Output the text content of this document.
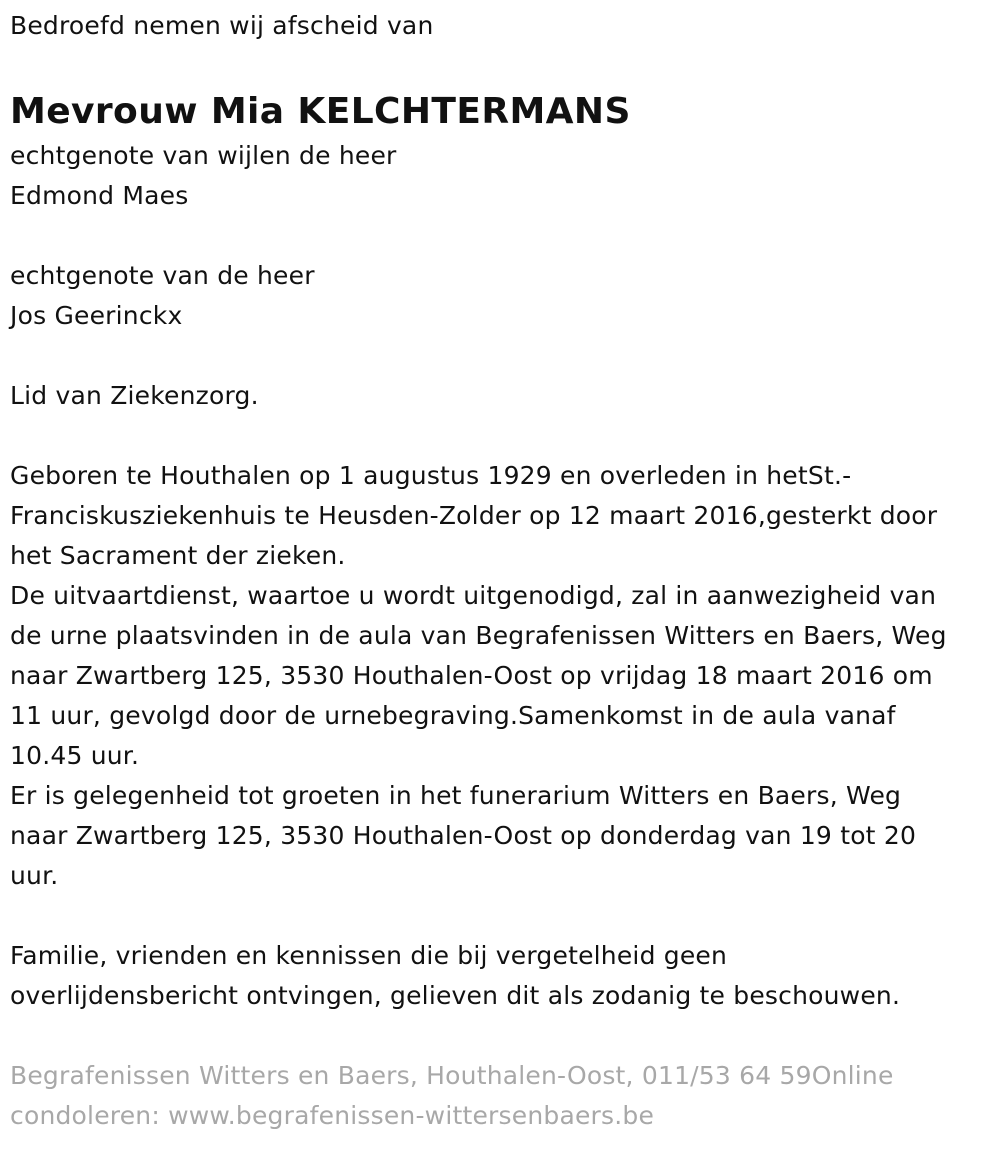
Bedroefd nemen wij afscheid van
Mevrouw Mia KELCHTERMANS
echtgenote van wijlen de heer
Edmond Maes
echtgenote van de heer
Jos Geerinckx
Lid van Ziekenzorg.
Geboren te Houthalen op 1 augustus 1929 en overleden in hetSt.-
Franciskusziekenhuis te Heusden-Zolder op 12 maart 2016,gesterkt door
het Sacrament der zieken.
De uitvaartdienst, waartoe u wordt uitgenodigd, zal in aanwezigheid van
de urne plaatsvinden in de aula van Begrafenissen Witters en Baers, Weg
naar Zwartberg 125, 3530 Houthalen-Oost op vrijdag 18 maart 2016 om
11 uur, gevolgd door de urnebegraving.Samenkomst in de aula vanaf
10.45 uur.
Er is gelegenheid tot groeten in het funerarium Witters en Baers, Weg
naar Zwartberg 125, 3530 Houthalen-Oost op donderdag van 19 tot 20
uur.
Familie, vrienden en kennissen die bij vergetelheid geen
overlijdensbericht ontvingen, gelieven dit als zodanig te beschouwen.
Begrafenissen Witters en Baers, Houthalen-Oost, 011/53 64 59Online
condoleren: www.begrafenissen-wittersenbaers.be
